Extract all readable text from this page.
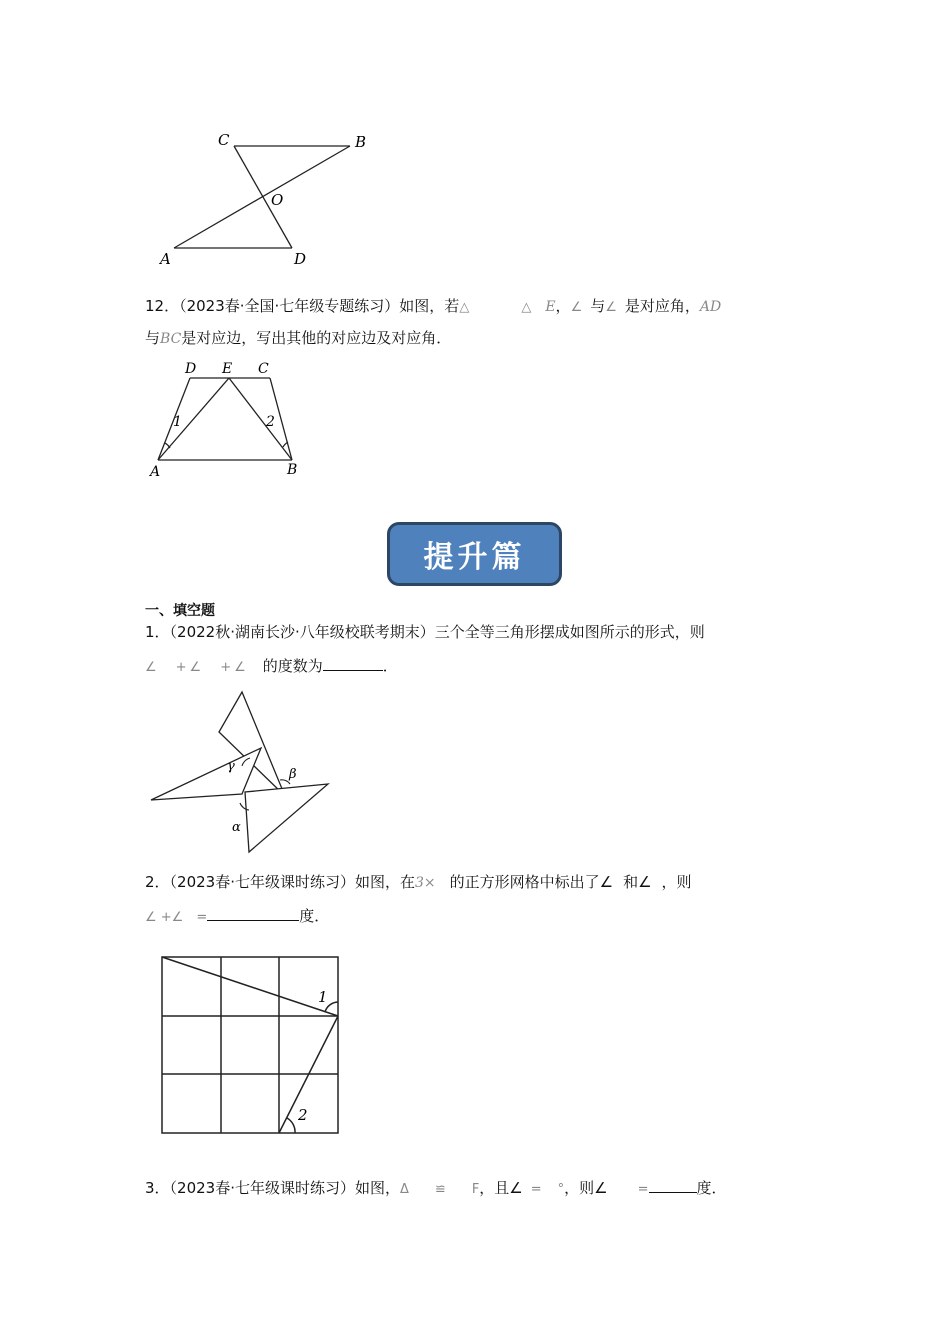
C	B
O
A	D
12．（2023春·全国·七年级专题练习）如图，若△	△ E，∠ 与∠ 是对应角，AD
与BC是对应边，写出其他的对应边及对应角．
D E C
1	2
A	B
提升篇
一、填空题
1．（2022秋·湖南长沙·八年级校联考期末）三个全等三角形摆成如图所示的形式，则
∠　+∠　+∠ 的度数为	．
γ
β
α
2．（2023春·七年级课时练习）如图，在3× 的正方形网格中标出了∠ 和∠ ，则
∠ +∠　=	度．
1
2
3．（2023春·七年级课时练习）如图，Δ ≌ F，且∠ = °，则∠ =	度．
